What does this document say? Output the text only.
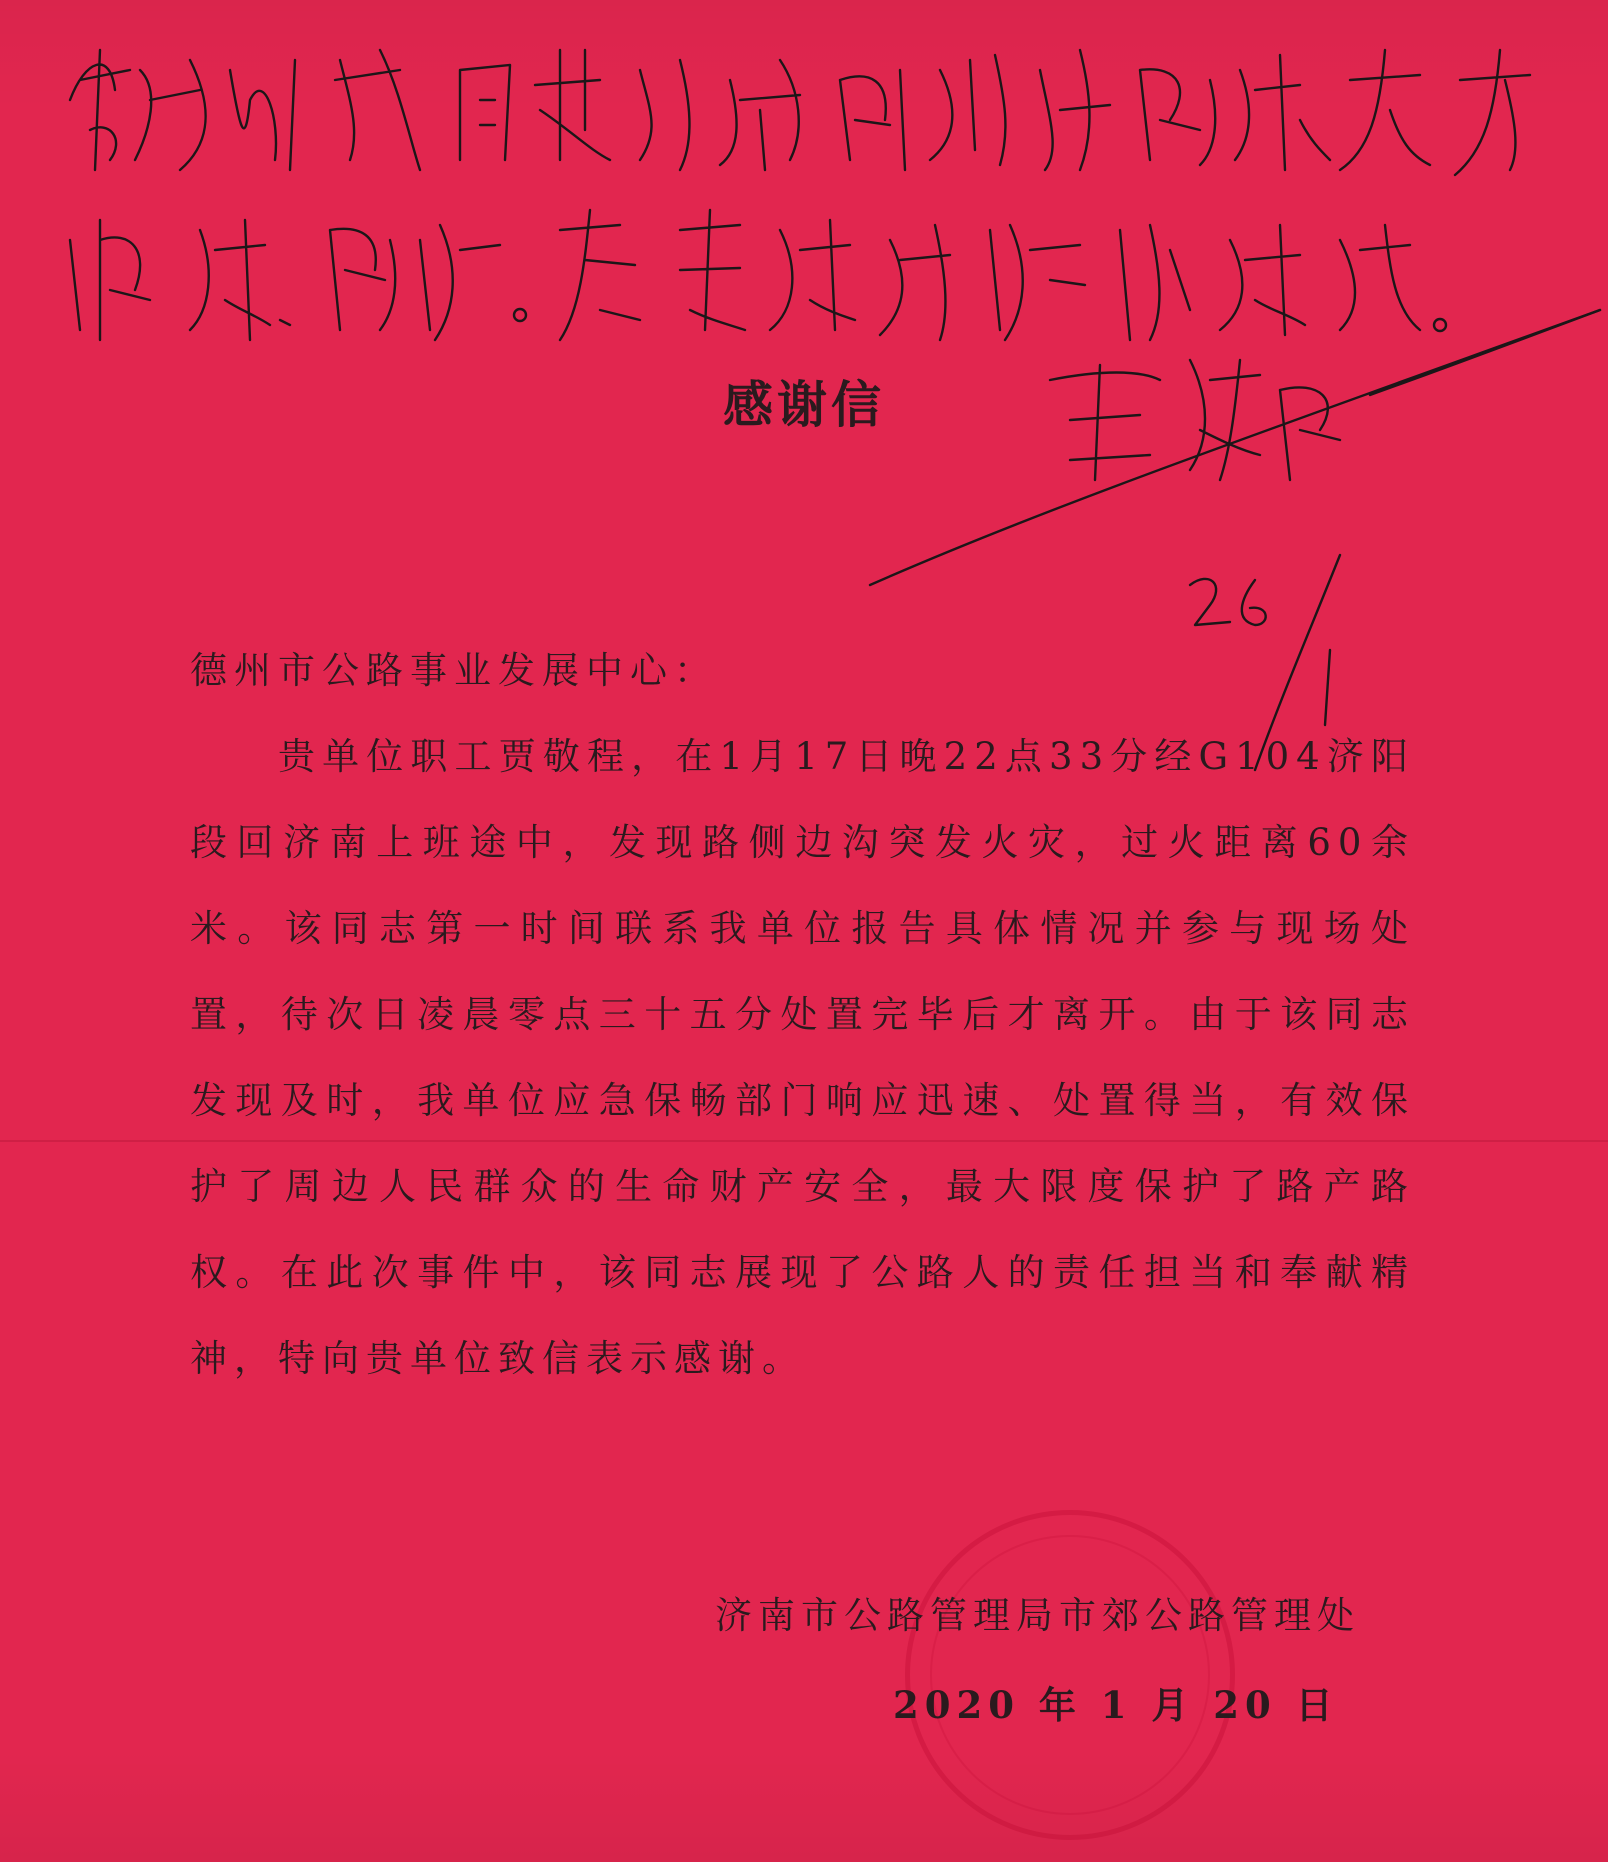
感谢信

德州市公路事业发展中心：

贵单位职工贾敬程，在1月17日晚22点33分经G104济阳段回济南上班途中，发现路侧边沟突发火灾，过火距离60余米。该同志第一时间联系我单位报告具体情况并参与现场处置，待次日凌晨零点三十五分处置完毕后才离开。由于该同志发现及时，我单位应急保畅部门响应迅速、处置得当，有效保护了周边人民群众的生命财产安全，最大限度保护了路产路权。在此次事件中，该同志展现了公路人的责任担当和奉献精神，特向贵单位致信表示感谢。

济南市公路管理局市郊公路管理处
2020 年 1 月 20 日
